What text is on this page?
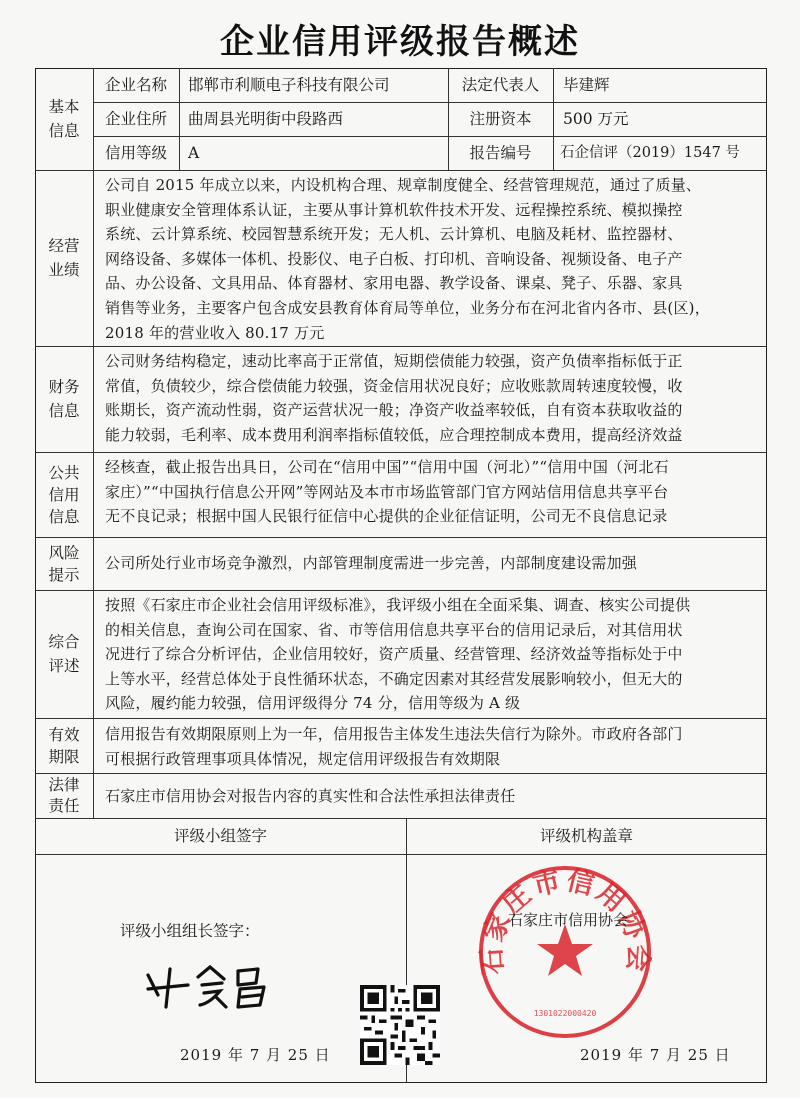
企业信用评级报告概述
基本
信息
企业名称	邯郸市利顺电子科技有限公司	法定代表人	毕建辉
企业住所	曲周县光明街中段路西	注册资本	500 万元
信用等级	A	报告编号	石企信评（2019）1547 号
经营
业绩
公司自 2015 年成立以来，内设机构合理、规章制度健全、经营管理规范，通过了质量、
职业健康安全管理体系认证，主要从事计算机软件技术开发、远程操控系统、模拟操控
系统、云计算系统、校园智慧系统开发；无人机、云计算机、电脑及耗材、监控器材、
网络设备、多媒体一体机、投影仪、电子白板、打印机、音响设备、视频设备、电子产
品、办公设备、文具用品、体育器材、家用电器、教学设备、课桌、凳子、乐器、家具
销售等业务，主要客户包含成安县教育体育局等单位，业务分布在河北省内各市、县(区)，
2018 年的营业收入 80.17 万元
财务
信息
公司财务结构稳定，速动比率高于正常值，短期偿债能力较强，资产负债率指标低于正
常值，负债较少，综合偿债能力较强，资金信用状况良好；应收账款周转速度较慢，收
账期长，资产流动性弱，资产运营状况一般；净资产收益率较低，自有资本获取收益的
能力较弱，毛利率、成本费用利润率指标值较低，应合理控制成本费用，提高经济效益
公共
信用
信息
经核查，截止报告出具日，公司在“信用中国”“信用中国（河北）”“信用中国（河北石
家庄）”“中国执行信息公开网”等网站及本市市场监管部门官方网站信用信息共享平台
无不良记录；根据中国人民银行征信中心提供的企业征信证明，公司无不良信息记录
风险
提示
公司所处行业市场竞争激烈，内部管理制度需进一步完善，内部制度建设需加强
综合
评述
按照《石家庄市企业社会信用评级标准》，我评级小组在全面采集、调查、核实公司提供
的相关信息，查询公司在国家、省、市等信用信息共享平台的信用记录后，对其信用状
况进行了综合分析评估，企业信用较好，资产质量、经营管理、经济效益等指标处于中
上等水平，经营总体处于良性循环状态，不确定因素对其经营发展影响较小，但无大的
风险，履约能力较强，信用评级得分 74 分，信用等级为 A 级
有效
期限
信用报告有效期限原则上为一年，信用报告主体发生违法失信行为除外。市政府各部门
可根据行政管理事项具体情况，规定信用评级报告有效期限
法律
责任
石家庄市信用协会对报告内容的真实性和合法性承担法律责任
评级小组签字	评级机构盖章
评级小组组长签字：
石家庄市信用协会
1301022000420
石家庄市信用协会
2019 年 7 月 25 日	2019 年 7 月 25 日
